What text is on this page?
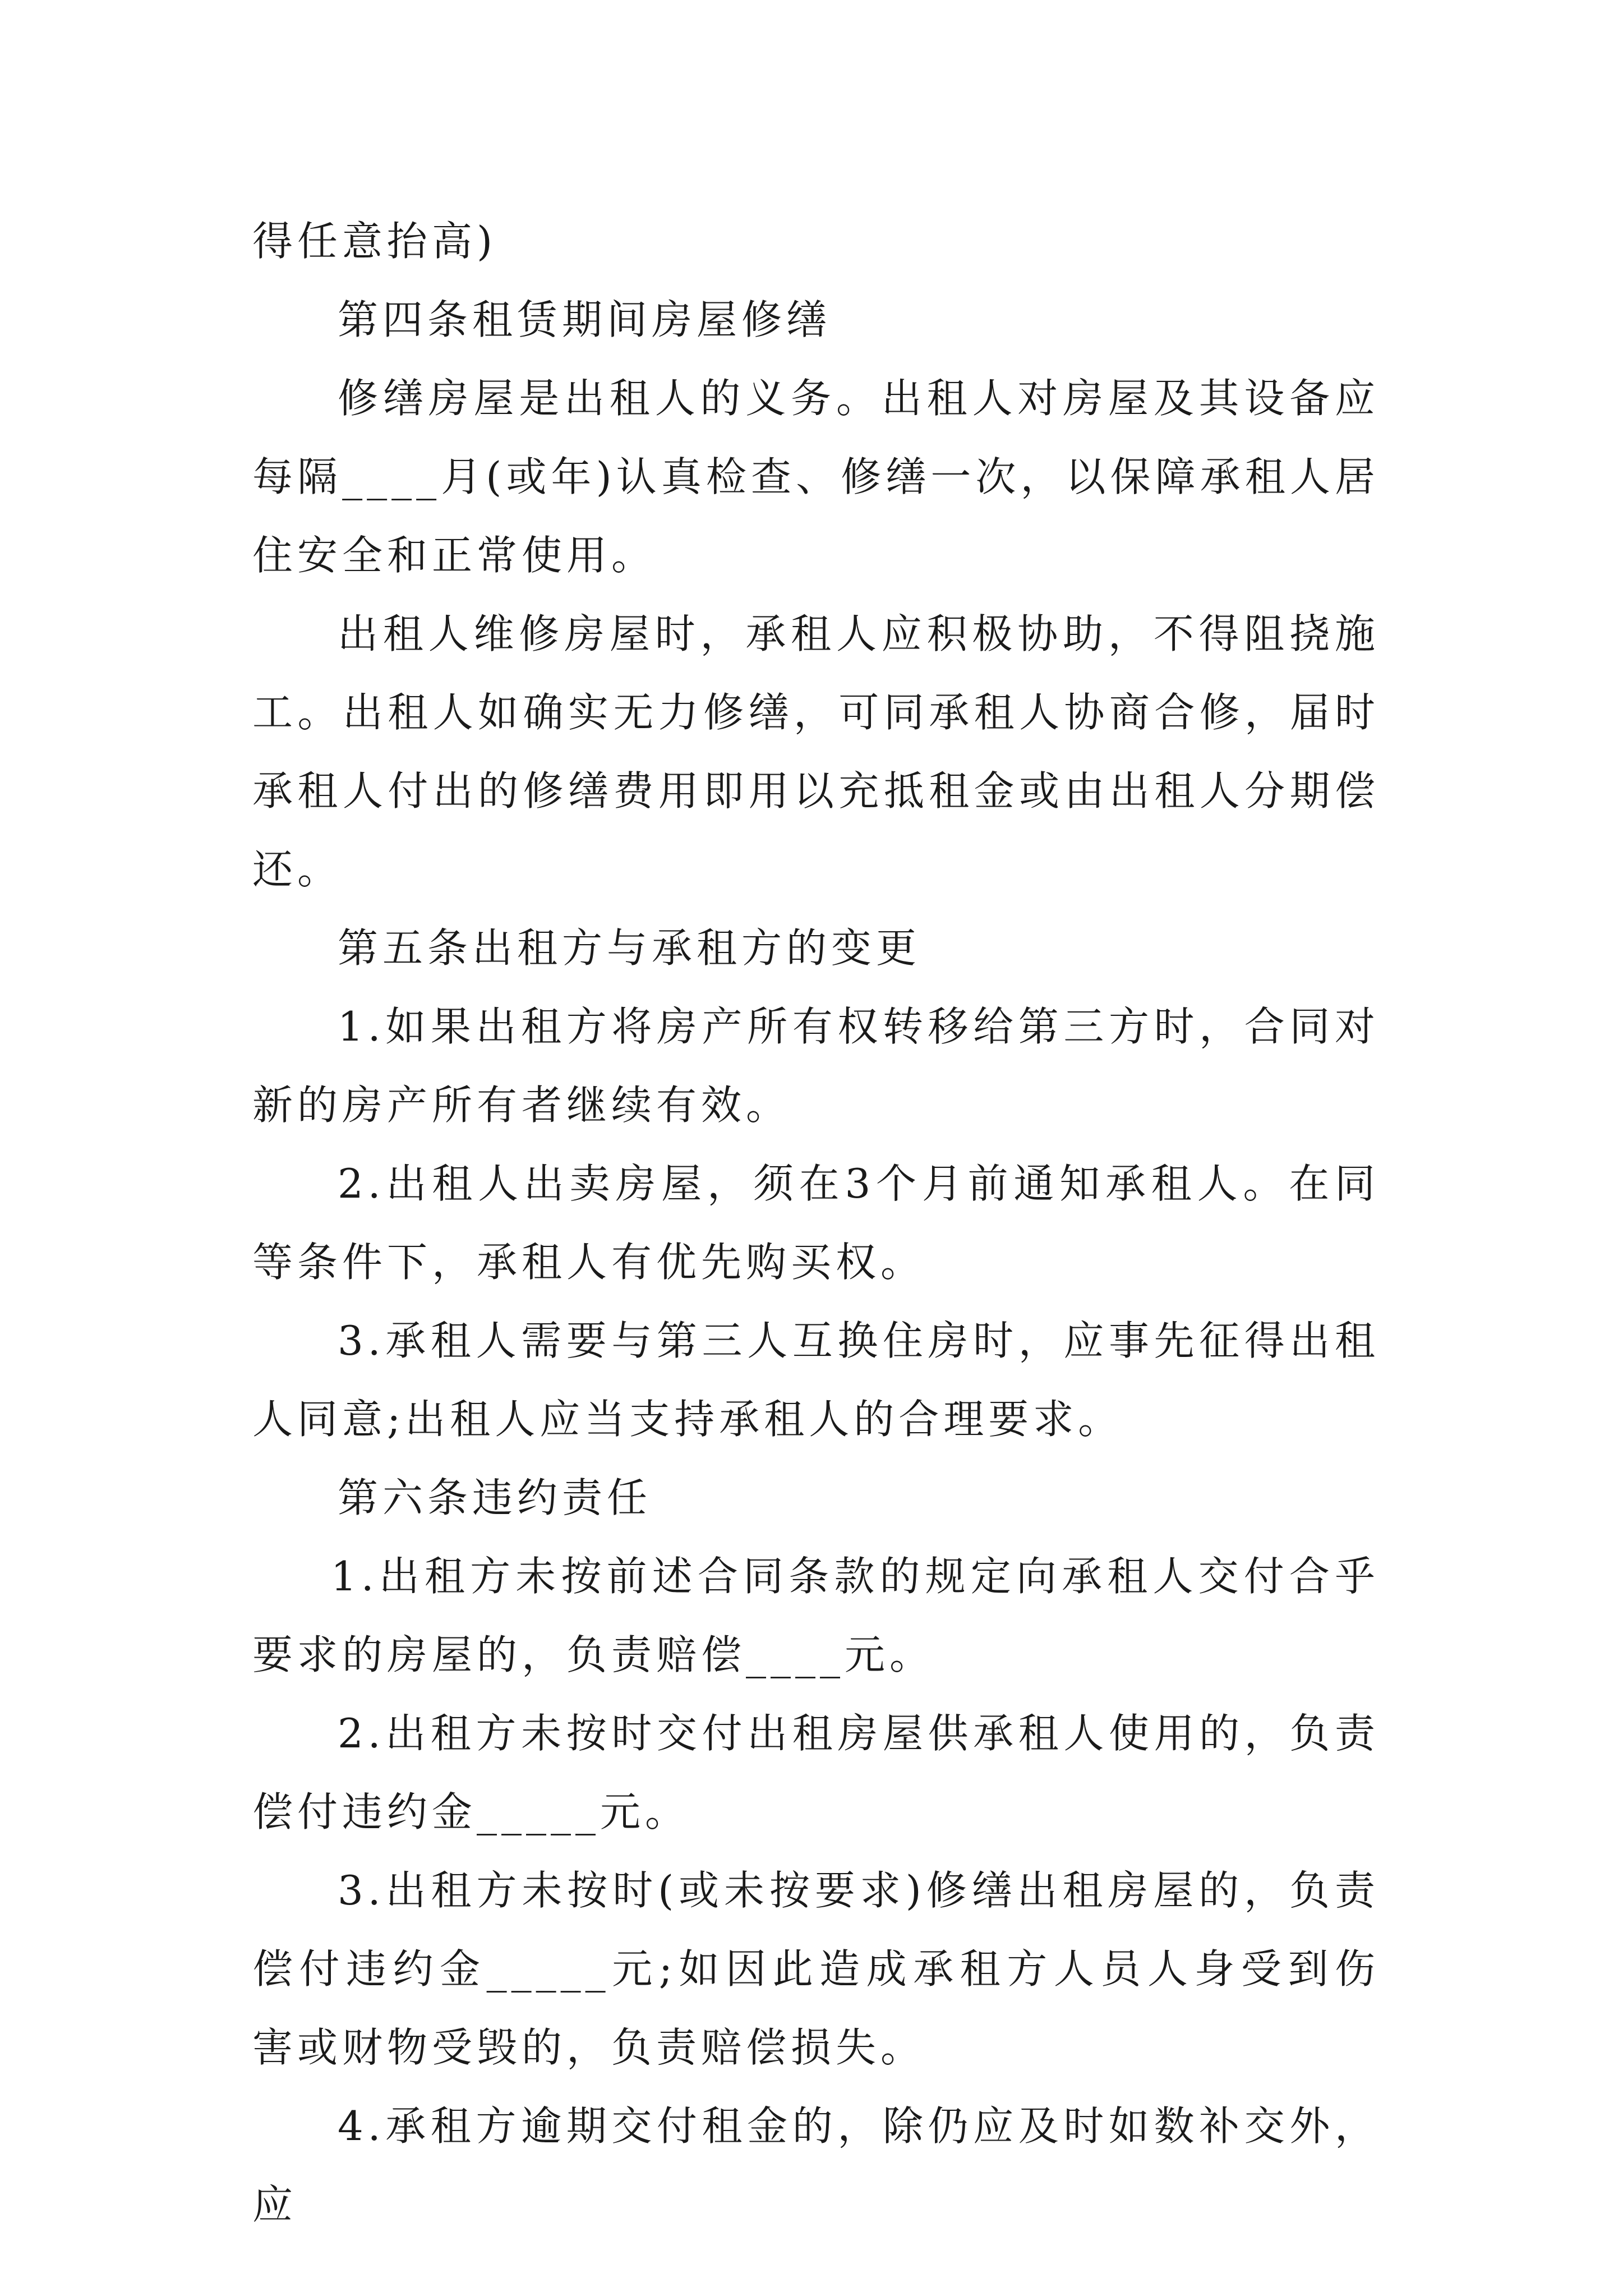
得任意抬高)

第四条租赁期间房屋修缮

修缮房屋是出租人的义务。出租人对房屋及其设备应每隔____月(或年)认真检查、修缮一次，以保障承租人居住安全和正常使用。

出租人维修房屋时，承租人应积极协助，不得阻挠施工。出租人如确实无力修缮，可同承租人协商合修，届时承租人付出的修缮费用即用以充抵租金或由出租人分期偿还。

第五条出租方与承租方的变更

1.如果出租方将房产所有权转移给第三方时，合同对新的房产所有者继续有效。

2.出租人出卖房屋，须在3个月前通知承租人。在同等条件下，承租人有优先购买权。

3.承租人需要与第三人互换住房时，应事先征得出租人同意;出租人应当支持承租人的合理要求。

第六条违约责任

1.出租方未按前述合同条款的规定向承租人交付合乎要求的房屋的，负责赔偿____元。

2.出租方未按时交付出租房屋供承租人使用的，负责偿付违约金_____元。

3.出租方未按时(或未按要求)修缮出租房屋的，负责偿付违约金_____元;如因此造成承租方人员人身受到伤害或财物受毁的，负责赔偿损失。

4.承租方逾期交付租金的，除仍应及时如数补交外，应
